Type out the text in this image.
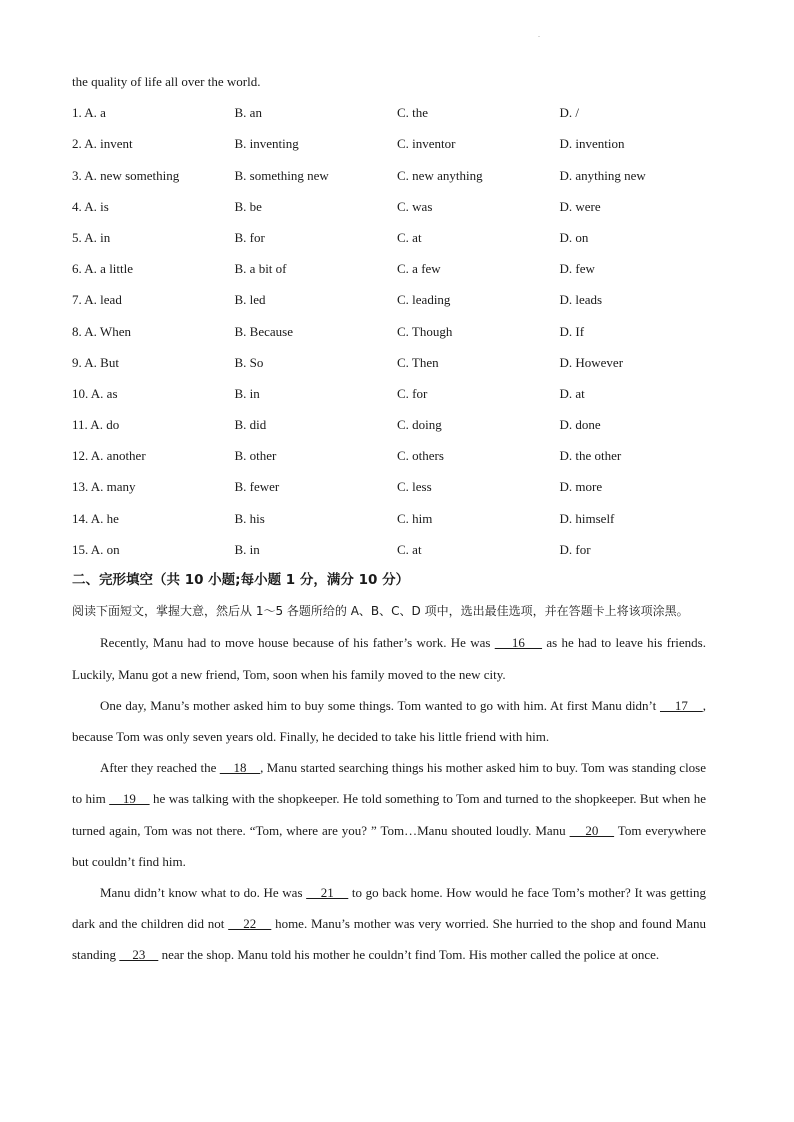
.
the quality of life all over the world.
1. A. a	B. an	C. the	D. /
2. A. invent	B. inventing	C. inventor	D. invention
3. A. new something	B. something new	C. new anything	D. anything new
4. A. is	B. be	C. was	D. were
5. A. in	B. for	C. at	D. on
6. A. a little	B. a bit of	C. a few	D. few
7. A. lead	B. led	C. leading	D. leads
8. A. When	B. Because	C. Though	D. If
9. A. But	B. So	C. Then	D. However
10. A. as	B. in	C. for	D. at
11. A. do	B. did	C. doing	D. done
12. A. another	B. other	C. others	D. the other
13. A. many	B. fewer	C. less	D. more
14. A. he	B. his	C. him	D. himself
15. A. on	B. in	C. at	D. for
二、完形填空（共 10 小题;每小题 1 分，满分 10 分）
阅读下面短文，掌握大意，然后从 1～5 各题所给的 A、B、C、D 项中，选出最佳选项，并在答题卡上将该项涂黑。
Recently, Manu had to move house because of his father’s work. He was     16     as he had to leave his friends. Luckily, Manu got a new friend, Tom, soon when his family moved to the new city.
One day, Manu’s mother asked him to buy some things. Tom wanted to go with him. At first Manu didn’t     17    , because Tom was only seven years old. Finally, he decided to take his little friend with him.
After they reached the     18    , Manu started searching things his mother asked him to buy. Tom was standing close to him     19     he was talking with the shopkeeper. He told something to Tom and turned to the shopkeeper. But when he turned again, Tom was not there. “Tom, where are you? ” Tom…Manu shouted loudly. Manu     20     Tom everywhere but couldn’t find him.
Manu didn’t know what to do. He was     21     to go back home. How would he face Tom’s mother? It was getting dark and the children did not     22     home. Manu’s mother was very worried. She hurried to the shop and found Manu standing     23     near the shop. Manu told his mother he couldn’t find Tom. His mother called the police at once.
